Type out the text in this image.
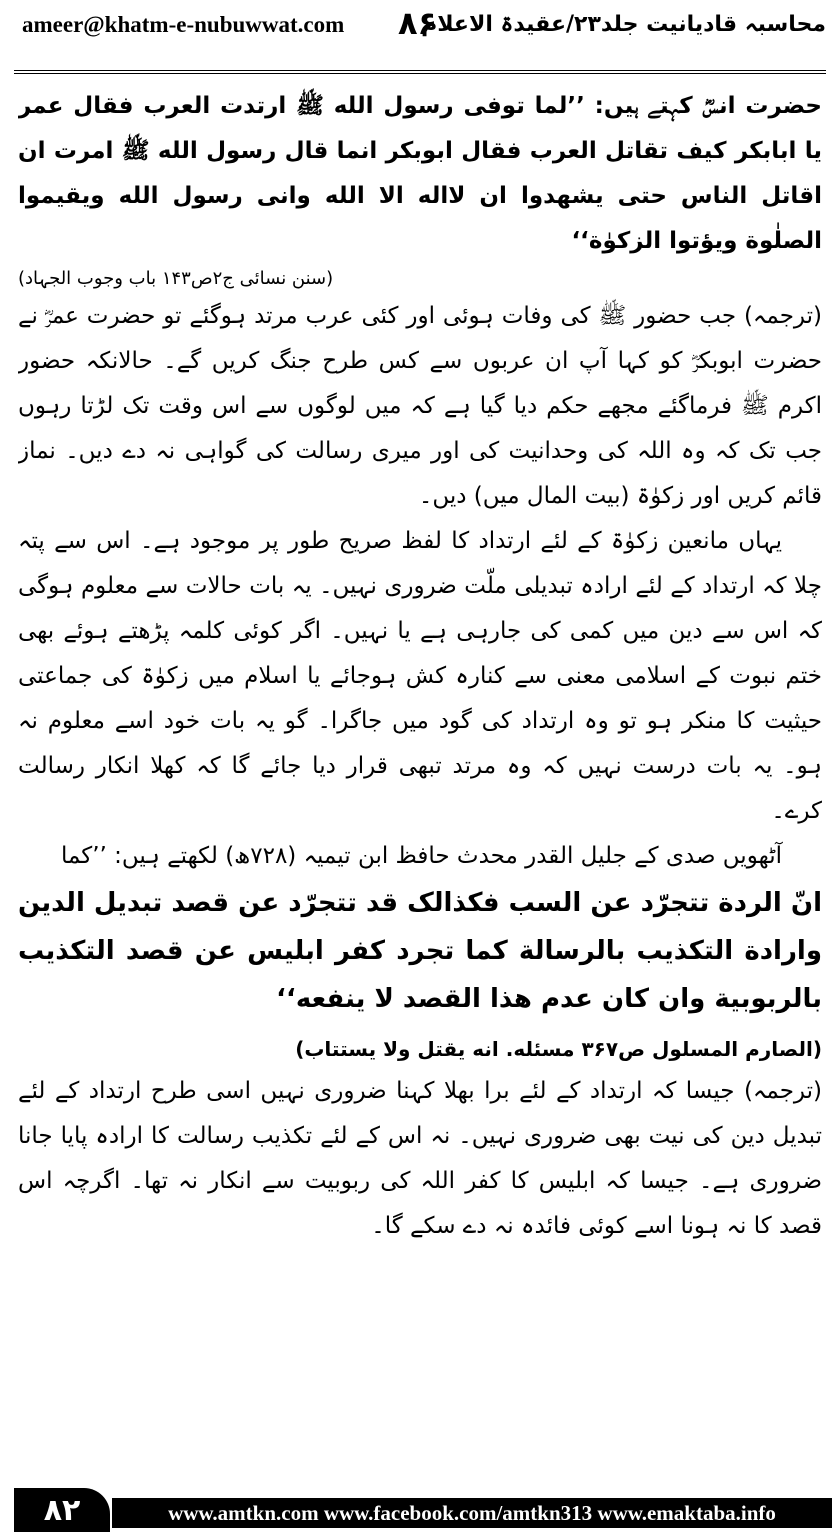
ameer@khatm-e-nubuwwat.com ۸۶
محاسبہ قادیانیت جلد۲۳/عقیدۃ الاعلام

حضرت انسؓ کہتے ہیں: ’’لما توفی رسول الله ﷺ ارتدت العرب فقال عمر یا ابابکر کیف تقاتل العرب فقال ابوبکر انما قال رسول الله ﷺ امرت ان اقاتل الناس حتی یشهدوا ان لااله الا الله وانی رسول الله ویقیموا الصلٰوة ویؤتوا الزکوٰة‘‘

(سنن نسائی ج۲ص۱۴۳ باب وجوب الجہاد)

(ترجمہ) جب حضور ﷺ کی وفات ہوئی اور کئی عرب مرتد ہوگئے تو حضرت عمرؓ نے حضرت ابوبکرؓ کو کہا آپ ان عربوں سے کس طرح جنگ کریں گے۔ حالانکہ حضور اکرم ﷺ فرماگئے مجھے حکم دیا گیا ہے کہ میں لوگوں سے اس وقت تک لڑتا رہوں جب تک کہ وہ اللہ کی وحدانیت کی اور میری رسالت کی گواہی نہ دے دیں۔ نماز قائم کریں اور زکوٰۃ (بیت المال میں) دیں۔

یہاں مانعین زکوٰۃ کے لئے ارتداد کا لفظ صریح طور پر موجود ہے۔ اس سے پتہ چلا کہ ارتداد کے لئے ارادہ تبدیلی ملّت ضروری نہیں۔ یہ بات حالات سے معلوم ہوگی کہ اس سے دین میں کمی کی جارہی ہے یا نہیں۔ اگر کوئی کلمہ پڑھتے ہوئے بھی ختم نبوت کے اسلامی معنی سے کنارہ کش ہوجائے یا اسلام میں زکوٰۃ کی جماعتی حیثیت کا منکر ہو تو وہ ارتداد کی گود میں جاگرا۔ گو یہ بات خود اسے معلوم نہ ہو۔ یہ بات درست نہیں کہ وہ مرتد تبھی قرار دیا جائے گا کہ کھلا انکار رسالت کرے۔

آٹھویں صدی کے جلیل القدر محدث حافظ ابن تیمیہ (۷۲۸ھ) لکھتے ہیں: ’’کما

انّ الردة تتجرّد عن السب فکذالک قد تتجرّد عن قصد تبدیل الدین وارادة التکذیب بالرسالة کما تجرد کفر ابلیس عن قصد التکذیب بالربوبیة وان کان عدم هذا القصد لا ینفعه‘‘

(الصارم المسلول ص۳۶۷ مسئله. انه یقتل ولا یستتاب)

(ترجمہ) جیسا کہ ارتداد کے لئے برا بھلا کہنا ضروری نہیں اسی طرح ارتداد کے لئے تبدیل دین کی نیت بھی ضروری نہیں۔ نہ اس کے لئے تکذیب رسالت کا ارادہ پایا جانا ضروری ہے۔ جیسا کہ ابلیس کا کفر اللہ کی ربوبیت سے انکار نہ تھا۔ اگرچہ اس قصد کا نہ ہونا اسے کوئی فائدہ نہ دے سکے گا۔

۸۲	www.amtkn.com www.facebook.com/amtkn313 www.emaktaba.info
